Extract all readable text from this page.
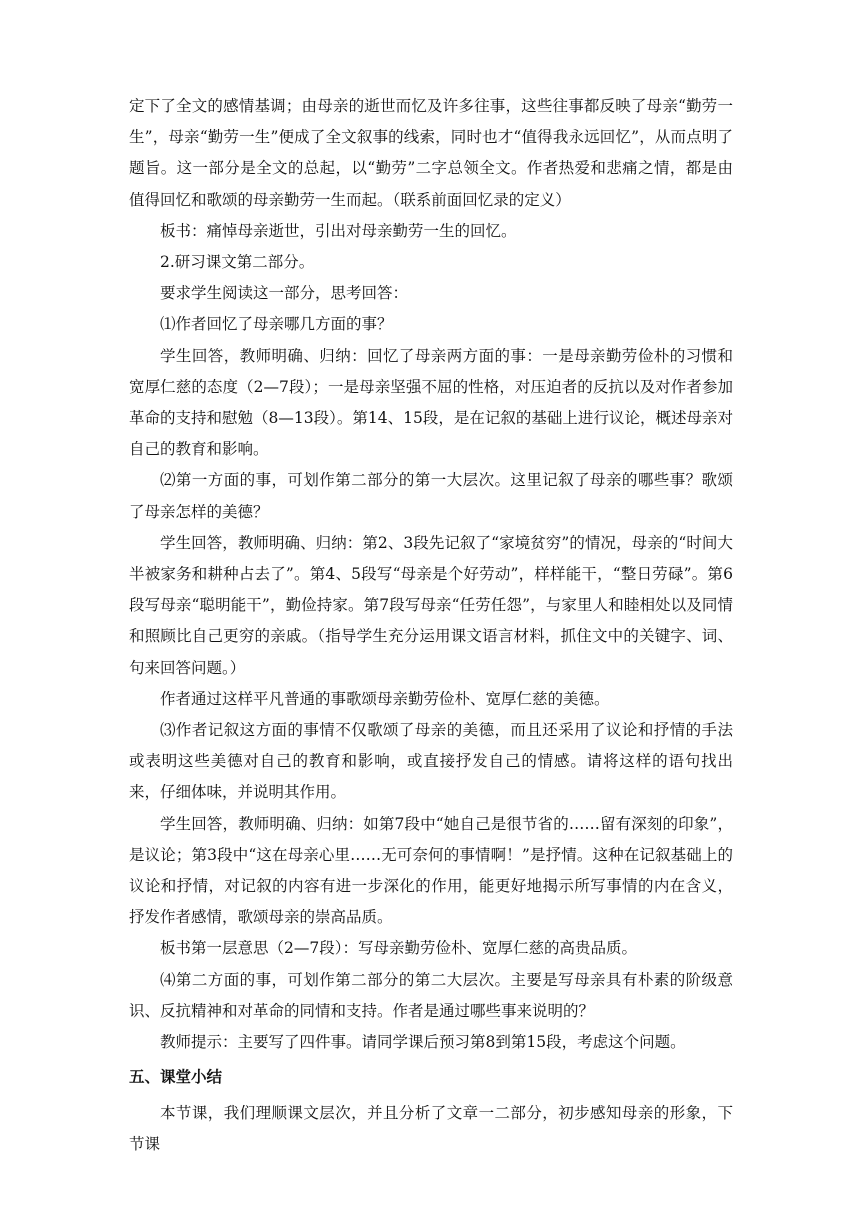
定下了全文的感情基调；由母亲的逝世而忆及许多往事，这些往事都反映了母亲“勤劳一生”，母亲“勤劳一生”便成了全文叙事的线索，同时也才“值得我永远回忆”，从而点明了题旨。这一部分是全文的总起，以“勤劳”二字总领全文。作者热爱和悲痛之情，都是由值得回忆和歌颂的母亲勤劳一生而起。（联系前面回忆录的定义）

板书：痛悼母亲逝世，引出对母亲勤劳一生的回忆。

2.研习课文第二部分。

要求学生阅读这一部分，思考回答：

⑴作者回忆了母亲哪几方面的事？

学生回答，教师明确、归纳：回忆了母亲两方面的事：一是母亲勤劳俭朴的习惯和宽厚仁慈的态度（2—7段）；一是母亲坚强不屈的性格，对压迫者的反抗以及对作者参加革命的支持和慰勉（8—13段）。第14、15段，是在记叙的基础上进行议论，概述母亲对自己的教育和影响。

⑵第一方面的事，可划作第二部分的第一大层次。这里记叙了母亲的哪些事？歌颂了母亲怎样的美德？

学生回答，教师明确、归纳：第2、3段先记叙了“家境贫穷”的情况，母亲的“时间大半被家务和耕种占去了”。第4、5段写“母亲是个好劳动”，样样能干，“整日劳碌”。第6段写母亲“聪明能干”，勤俭持家。第7段写母亲“任劳任怨”，与家里人和睦相处以及同情和照顾比自己更穷的亲戚。（指导学生充分运用课文语言材料，抓住文中的关键字、词、句来回答问题。）

作者通过这样平凡普通的事歌颂母亲勤劳俭朴、宽厚仁慈的美德。

⑶作者记叙这方面的事情不仅歌颂了母亲的美德，而且还采用了议论和抒情的手法或表明这些美德对自己的教育和影响，或直接抒发自己的情感。请将这样的语句找出来，仔细体味，并说明其作用。

学生回答，教师明确、归纳：如第7段中“她自己是很节省的……留有深刻的印象”，是议论；第3段中“这在母亲心里……无可奈何的事情啊！”是抒情。这种在记叙基础上的议论和抒情，对记叙的内容有进一步深化的作用，能更好地揭示所写事情的内在含义，抒发作者感情，歌颂母亲的崇高品质。

板书第一层意思（2—7段）：写母亲勤劳俭朴、宽厚仁慈的高贵品质。

⑷第二方面的事，可划作第二部分的第二大层次。主要是写母亲具有朴素的阶级意识、反抗精神和对革命的同情和支持。作者是通过哪些事来说明的？

教师提示：主要写了四件事。请同学课后预习第8到第15段，考虑这个问题。

五、课堂小结

本节课，我们理顺课文层次，并且分析了文章一二部分，初步感知母亲的形象，下节课
